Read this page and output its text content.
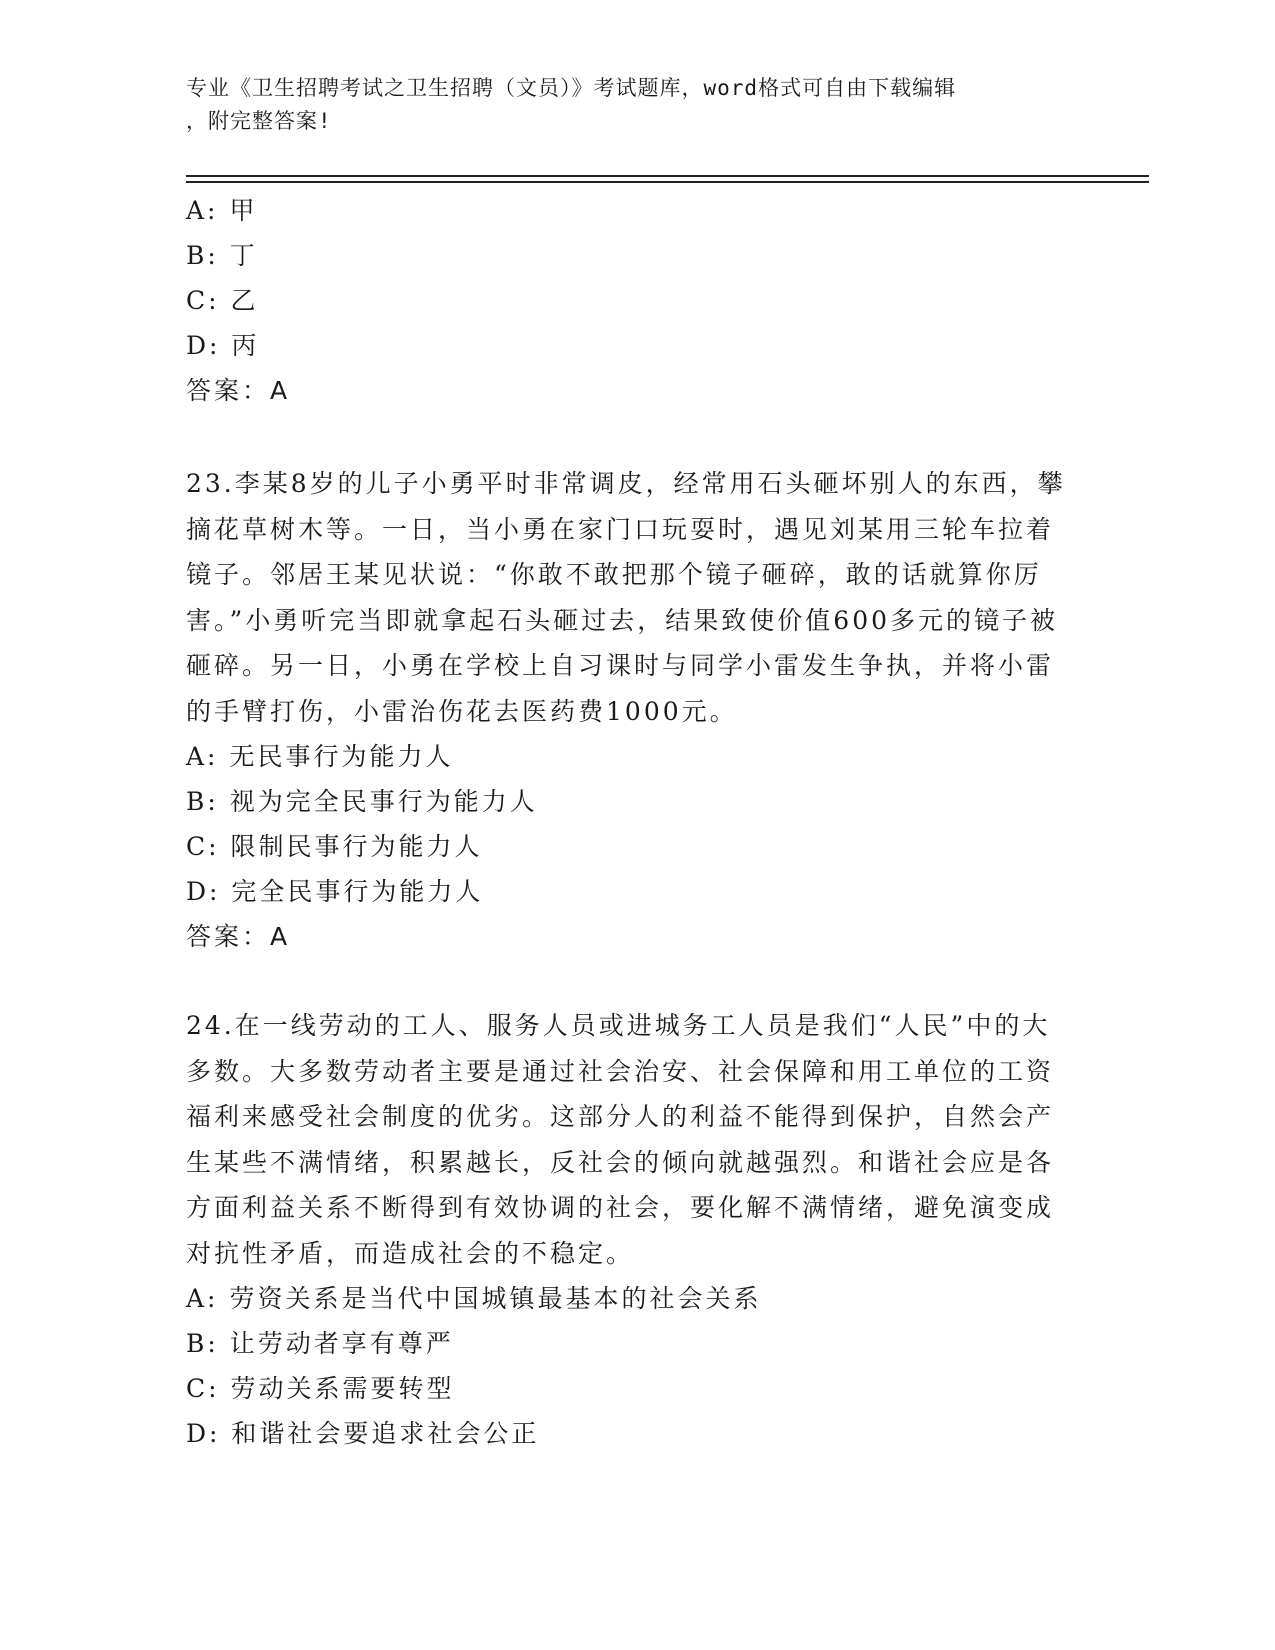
专业《卫生招聘考试之卫生招聘（文员）》考试题库，word格式可自由下载编辑
，附完整答案!
A: 甲
B: 丁
C: 乙
D: 丙
答案：A
23.李某8岁的儿子小勇平时非常调皮，经常用石头砸坏别人的东西，攀摘花草树木等。一日，当小勇在家门口玩耍时，遇见刘某用三轮车拉着镜子。邻居王某见状说：“你敢不敢把那个镜子砸碎，敢的话就算你厉害。”小勇听完当即就拿起石头砸过去，结果致使价值600多元的镜子被砸碎。另一日，小勇在学校上自习课时与同学小雷发生争执，并将小雷的手臂打伤，小雷治伤花去医药费1000元。
A: 无民事行为能力人
B: 视为完全民事行为能力人
C: 限制民事行为能力人
D: 完全民事行为能力人
答案：A
24.在一线劳动的工人、服务人员或进城务工人员是我们“人民”中的大多数。大多数劳动者主要是通过社会治安、社会保障和用工单位的工资福利来感受社会制度的优劣。这部分人的利益不能得到保护，自然会产生某些不满情绪，积累越长，反社会的倾向就越强烈。和谐社会应是各方面利益关系不断得到有效协调的社会，要化解不满情绪，避免演变成对抗性矛盾，而造成社会的不稳定。
A: 劳资关系是当代中国城镇最基本的社会关系
B: 让劳动者享有尊严
C: 劳动关系需要转型
D: 和谐社会要追求社会公正
